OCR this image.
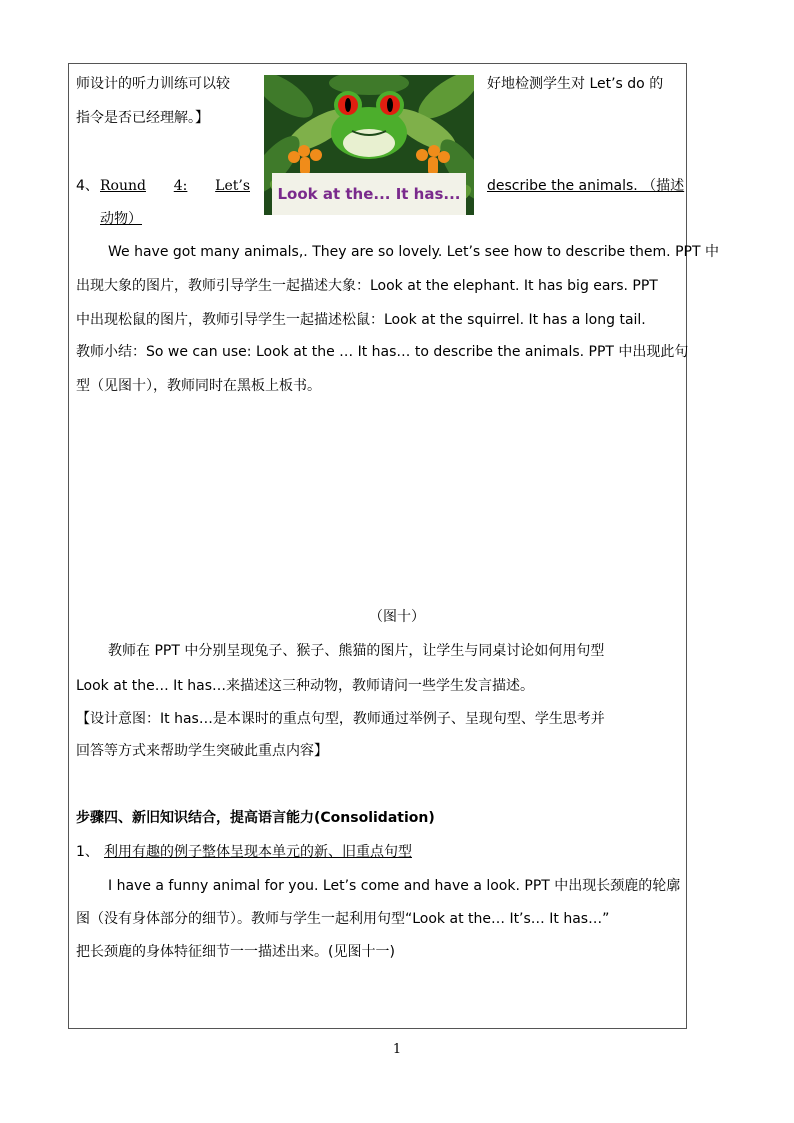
师设计的听力训练可以较	好地检测学生对 Let’s do 的
指令是否已经理解。】
Look at the... It has...
4、 Round 4: Let’s	describe the animals. （描述
动物）
We have got many animals,. They are so lovely. Let’s see how to describe them. PPT 中
出现大象的图片，教师引导学生一起描述大象：Look at the elephant. It has big ears. PPT
中出现松鼠的图片，教师引导学生一起描述松鼠：Look at the squirrel. It has a long tail.
教师小结：So we can use: Look at the … It has… to describe the animals. PPT 中出现此句
型（见图十），教师同时在黑板上板书。
（图十）
教师在 PPT 中分别呈现兔子、猴子、熊猫的图片，让学生与同桌讨论如何用句型
Look at the… It has…来描述这三种动物，教师请问一些学生发言描述。
【设计意图：It has…是本课时的重点句型，教师通过举例子、呈现句型、学生思考并
回答等方式来帮助学生突破此重点内容】
步骤四、新旧知识结合，提高语言能力(Consolidation)
1、 利用有趣的例子整体呈现本单元的新、旧重点句型
I have a funny animal for you. Let’s come and have a look. PPT 中出现长颈鹿的轮廓
图（没有身体部分的细节）。教师与学生一起利用句型“Look at the… It’s… It has…”
把长颈鹿的身体特征细节一一描述出来。(见图十一)
1
